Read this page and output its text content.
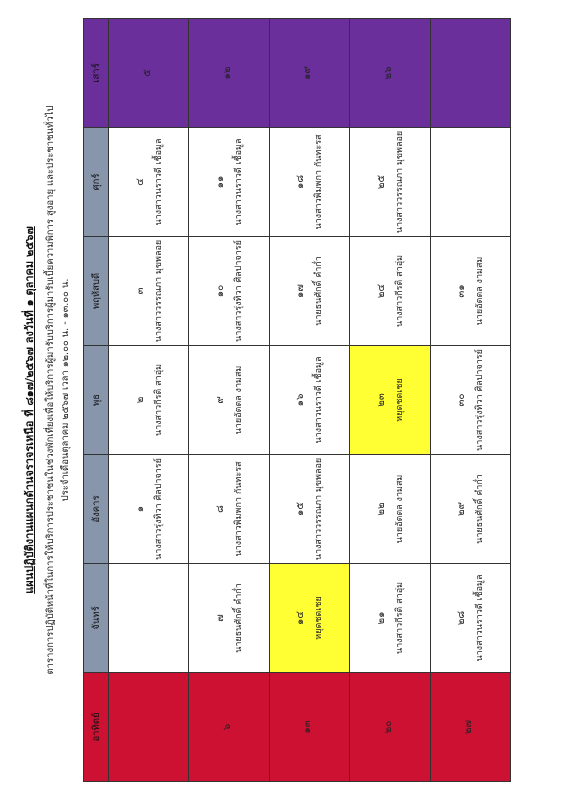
แผนปฏิบัติงานแผนกด้านจราจรเหนือ ที่ ๘๑๗/๒๕๖๗ ลงวันที่ ๑ ตุลาคม ๒๕๖๗ ตารางการปฏิบัติหน้าที่ในการให้บริการประชาชนในช่วงพักเที่ยงเพื่อให้บริการผู้มารับบริการผู้มารับเบี้ยความพิการ สูงอายุ และประชาชนทั่วไป ประจำเดือนตุลาคม ๒๕๖๗ เวลา ๑๒.๐๐ น. - ๑๓.๐๐ น.
อาทิตย์	จันทร์	อังคาร	พุธ	พฤหัสบดี	ศุกร์	เสาร์

		๑ นางสาวรุ่งทิวา ศิลปาจารย์	๒ นางสาวกีรติ สาอุ่ม	๓ นางสาววรรณภา มุขพลอย	๔ นางสาวนราวดี เชื้อมูล	๕

๖	๗ นายธนศักดิ์ คำก่ำ	๘ นางสาวพิมพกา กันทะรส	๙ นายอัตตล งามสม	๑๐ นางสาวรุ่งทิวา ศิลปาจารย์	๑๑ นางสาวนราวดี เชื้อมูล	๑๒

๑๓	๑๔ หยุดชดเชย	๑๕ นางสาววรรณภา มุขพลอย	๑๖ นางสาวนราวดี เชื้อมูล	๑๗ นายธนศักดิ์ คำก่ำ	๑๘ นางสาวพิมพกา กันทะรส	๑๙

๒๐	๒๑ นางสาวกีรติ สาอุ่ม	๒๒ นายอัตตล งามสม	๒๓ หยุดชดเชย	๒๔ นางสาวกีรติ สาอุ่ม	๒๕ นางสาววรรณภา มุขพลอย	๒๖

๒๗	๒๘ นางสาวนราวดี เชื้อมูล	๒๙ นายธนศักดิ์ คำก่ำ	๓๐ นางสาวรุ่งทิวา ศิลปาจารย์	๓๑ นายอัตตล งามสม		
